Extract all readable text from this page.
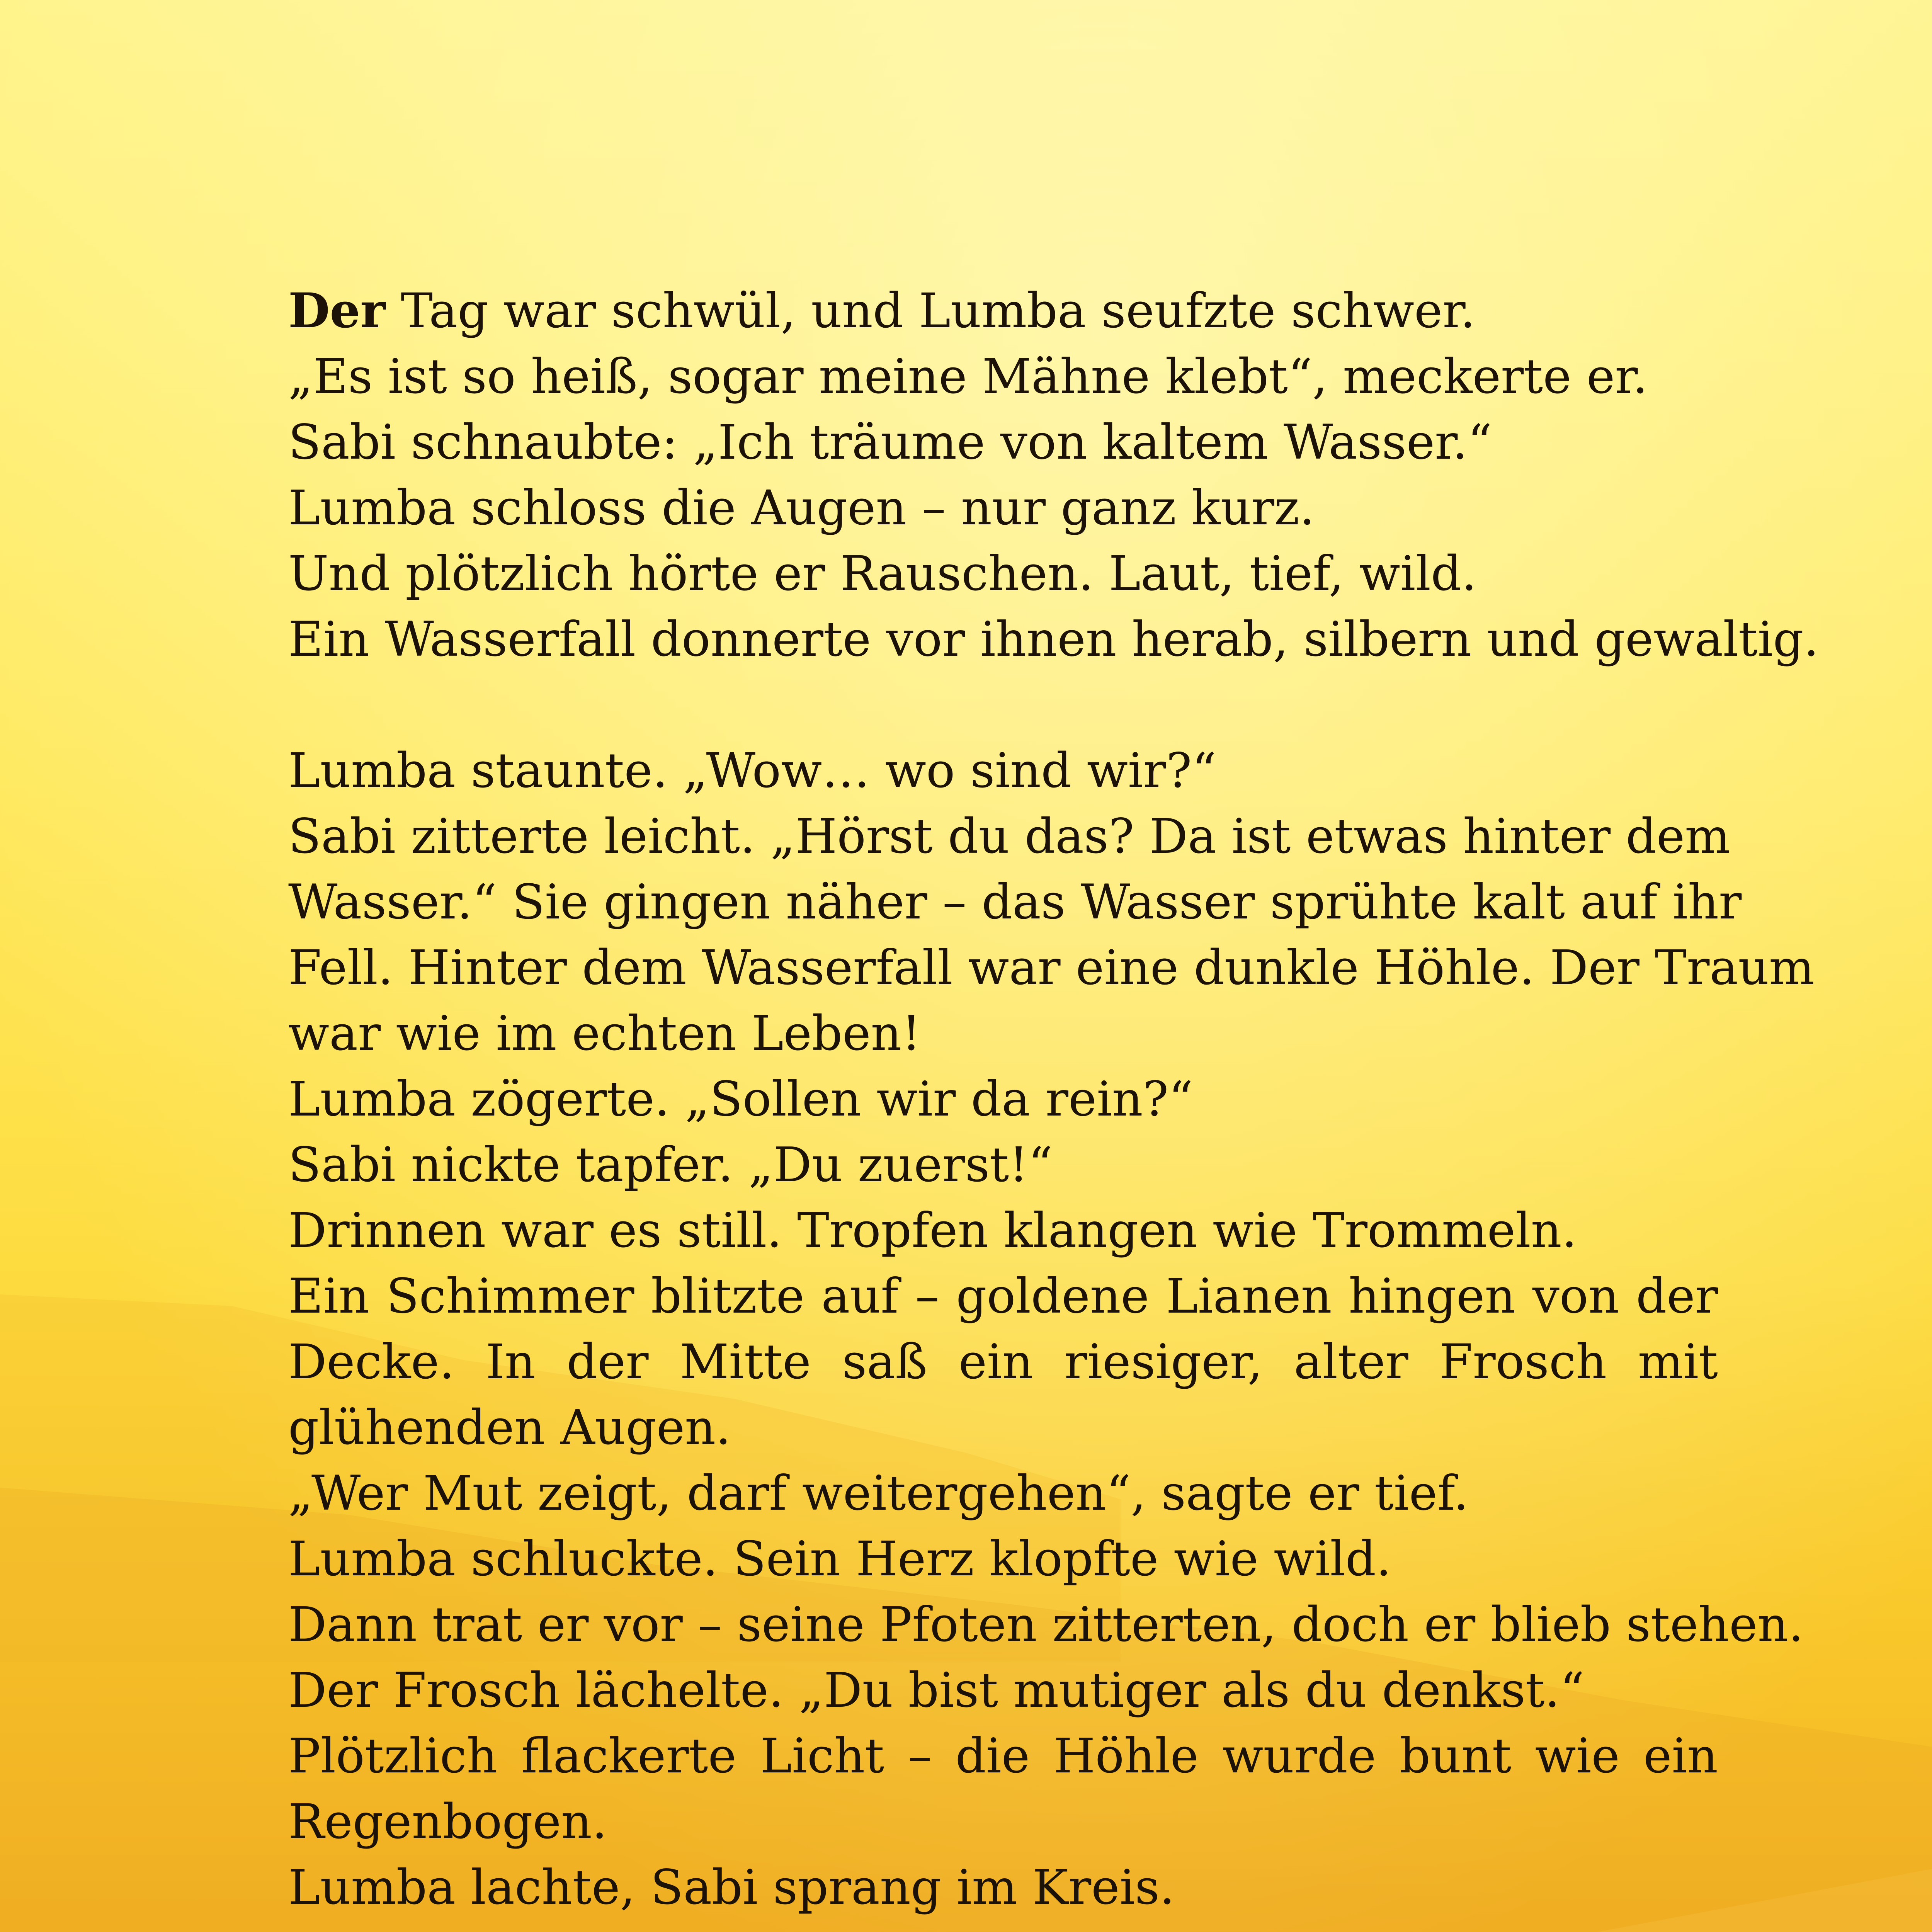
Der Tag war schwül, und Lumba seufzte schwer.
„Es ist so heiß, sogar meine Mähne klebt“, meckerte er.
Sabi schnaubte: „Ich träume von kaltem Wasser.“
Lumba schloss die Augen – nur ganz kurz.
Und plötzlich hörte er Rauschen. Laut, tief, wild.
Ein Wasserfall donnerte vor ihnen herab, silbern und gewaltig.
Lumba staunte. „Wow… wo sind wir?“
Sabi zitterte leicht. „Hörst du das? Da ist etwas hinter dem
Wasser.“ Sie gingen näher – das Wasser sprühte kalt auf ihr
Fell. Hinter dem Wasserfall war eine dunkle Höhle. Der Traum
war wie im echten Leben!
Lumba zögerte. „Sollen wir da rein?“
Sabi nickte tapfer. „Du zuerst!“
Drinnen war es still. Tropfen klangen wie Trommeln.
Ein Schimmer blitzte auf – goldene Lianen hingen von der
Decke. In der Mitte saß ein riesiger, alter Frosch mit
glühenden Augen.
„Wer Mut zeigt, darf weitergehen“, sagte er tief.
Lumba schluckte. Sein Herz klopfte wie wild.
Dann trat er vor – seine Pfoten zitterten, doch er blieb stehen.
Der Frosch lächelte. „Du bist mutiger als du denkst.“
Plötzlich flackerte Licht – die Höhle wurde bunt wie ein
Regenbogen.
Lumba lachte, Sabi sprang im Kreis.
